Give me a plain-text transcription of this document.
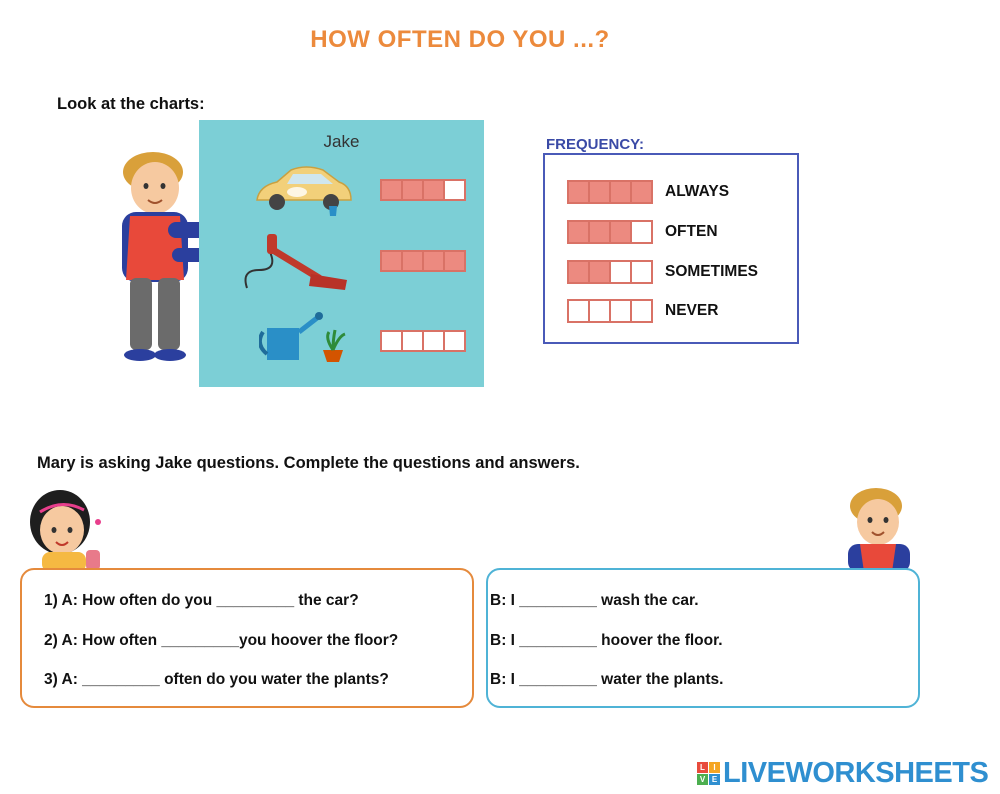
HOW OFTEN DO YOU ...?
Look at the charts:
Jake	FREQUENCY:
ALWAYS
OFTEN
SOMETIMES
NEVER
Mary is asking Jake questions. Complete the questions and answers.
1) A: How often do you _________ the car?
2) A: How often _________you hoover the floor?
3) A: _________ often do you water the plants?
B: I _________ wash the car.
B: I _________ hoover the floor.
B: I _________ water the plants.
L	I
V E LIVEWORKSHEETS
